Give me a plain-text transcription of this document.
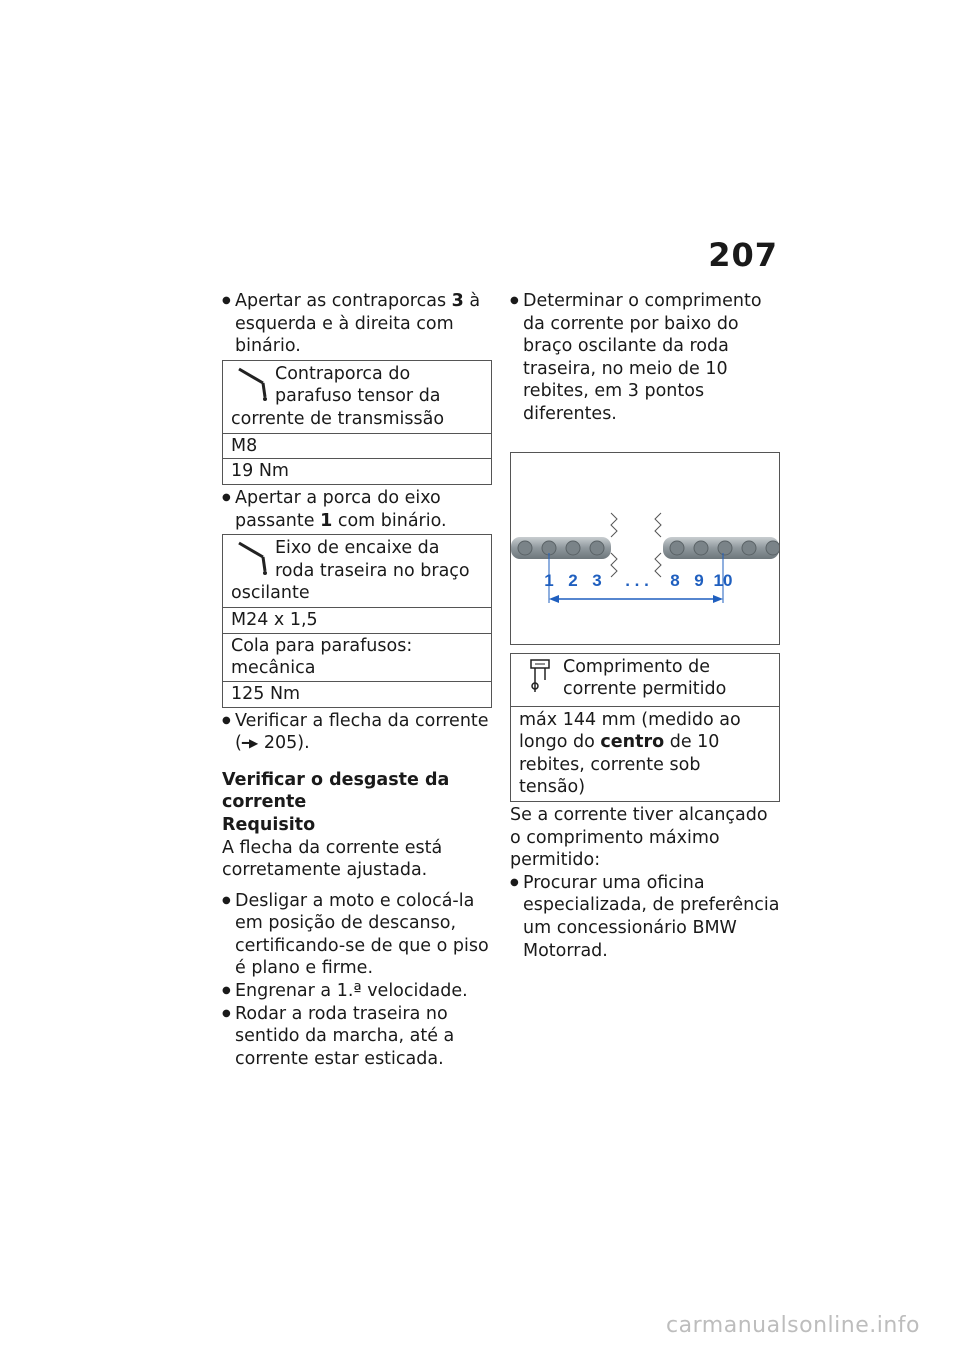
207

● Apertar as contraporcas 3 à esquerda e à direita com binário.

Contraporca do parafuso tensor da corrente de transmissão
M8
19 Nm

● Apertar a porca do eixo passante 1 com binário.

Eixo de encaixe da roda traseira no braço oscilante
M24 x 1,5
Cola para parafusos: mecânica
125 Nm

● Verificar a flecha da corrente
(━▶ 205).

Verificar o desgaste da corrente

Requisito

A flecha da corrente está corretamente ajustada.

● Desligar a moto e colocá-la em posição de descanso, certificando-se de que o piso é plano e firme.

● Engrenar a 1.ª velocidade.

● Rodar a roda traseira no sentido da marcha, até a corrente estar esticada.

● Determinar o comprimento da corrente por baixo do braço oscilante da roda traseira, no meio de 10 rebites, em 3 pontos diferentes.

1 2 3 . . . 8 9 10
Comprimento de corrente permitido
máx 144 mm (medido ao longo do centro de 10 rebites, corrente sob tensão)

Se a corrente tiver alcançado o comprimento máximo permitido:

● Procurar uma oficina especializada, de preferência um concessionário BMW Motorrad.

carmanualsonline.info
